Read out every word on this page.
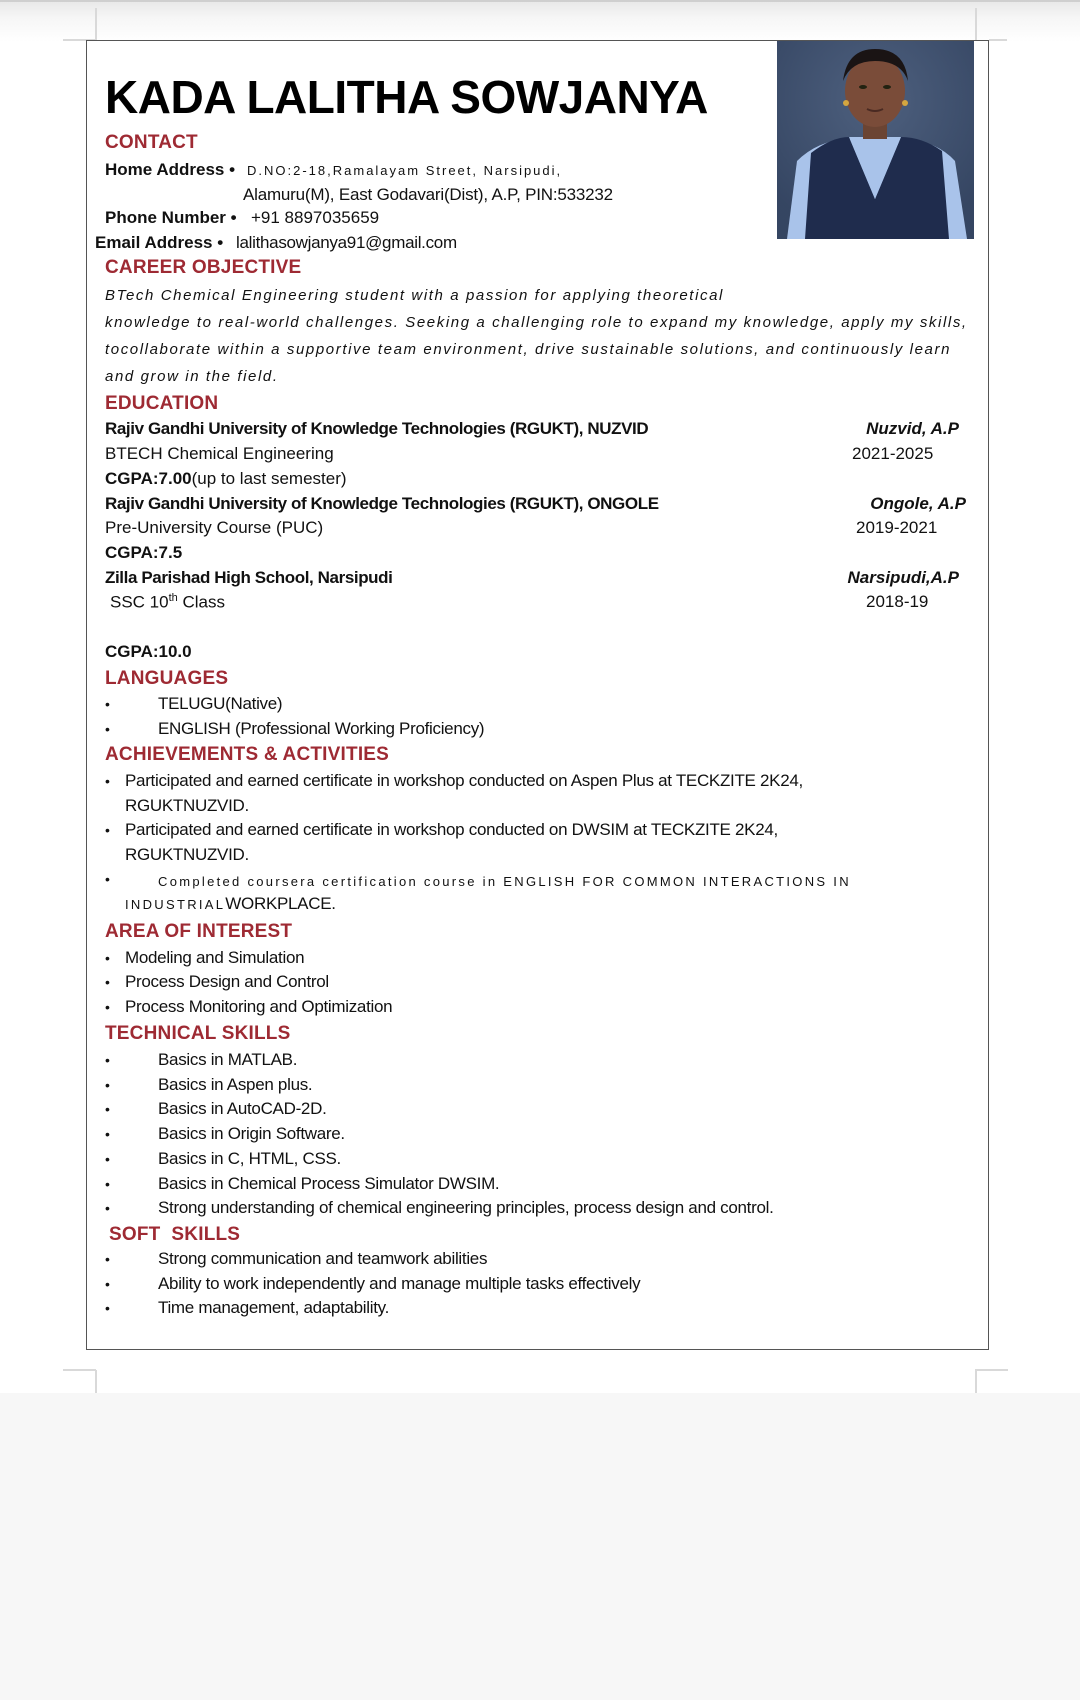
KADA LALITHA SOWJANYA
CONTACT
Home Address • D.NO:2-18,Ramalayam Street, Narsipudi,
Alamuru(M), East Godavari(Dist), A.P, PIN:533232
Phone Number • +91 8897035659
Email Address • lalithasowjanya91@gmail.com
CAREER OBJECTIVE
BTech Chemical Engineering student with a passion for applying theoretical
knowledge to real-world challenges. Seeking a challenging role to expand my knowledge, apply my skills,
tocollaborate within a supportive team environment, drive sustainable solutions, and continuously learn
and grow in the field.
EDUCATION
Rajiv Gandhi University of Knowledge Technologies (RGUKT), NUZVID	Nuzvid, A.P
BTECH Chemical Engineering	2021-2025
CGPA:7.00(up to last semester)
Rajiv Gandhi University of Knowledge Technologies (RGUKT), ONGOLE	Ongole, A.P
Pre-University Course (PUC)	2019-2021
CGPA:7.5
Zilla Parishad High School, Narsipudi	Narsipudi,A.P
SSC 10th Class	2018-19
CGPA:10.0
LANGUAGES
•	TELUGU(Native)
•	ENGLISH (Professional Working Proficiency)
ACHIEVEMENTS & ACTIVITIES
• Participated and earned certificate in workshop conducted on Aspen Plus at TECKZITE 2K24,
RGUKTNUZVID.
• Participated and earned certificate in workshop conducted on DWSIM at TECKZITE 2K24,
RGUKTNUZVID.
•	Completed coursera certification course in ENGLISH FOR COMMON INTERACTIONS IN
INDUSTRIALWORKPLACE.
AREA OF INTEREST
• Modeling and Simulation
• Process Design and Control
• Process Monitoring and Optimization
TECHNICAL SKILLS
•	Basics in MATLAB.
•	Basics in Aspen plus.
•	Basics in AutoCAD-2D.
•	Basics in Origin Software.
•	Basics in C, HTML, CSS.
•	Basics in Chemical Process Simulator DWSIM.
•	Strong understanding of chemical engineering principles, process design and control.
SOFT  SKILLS
•	Strong communication and teamwork abilities
•	Ability to work independently and manage multiple tasks effectively
•	Time management, adaptability.
